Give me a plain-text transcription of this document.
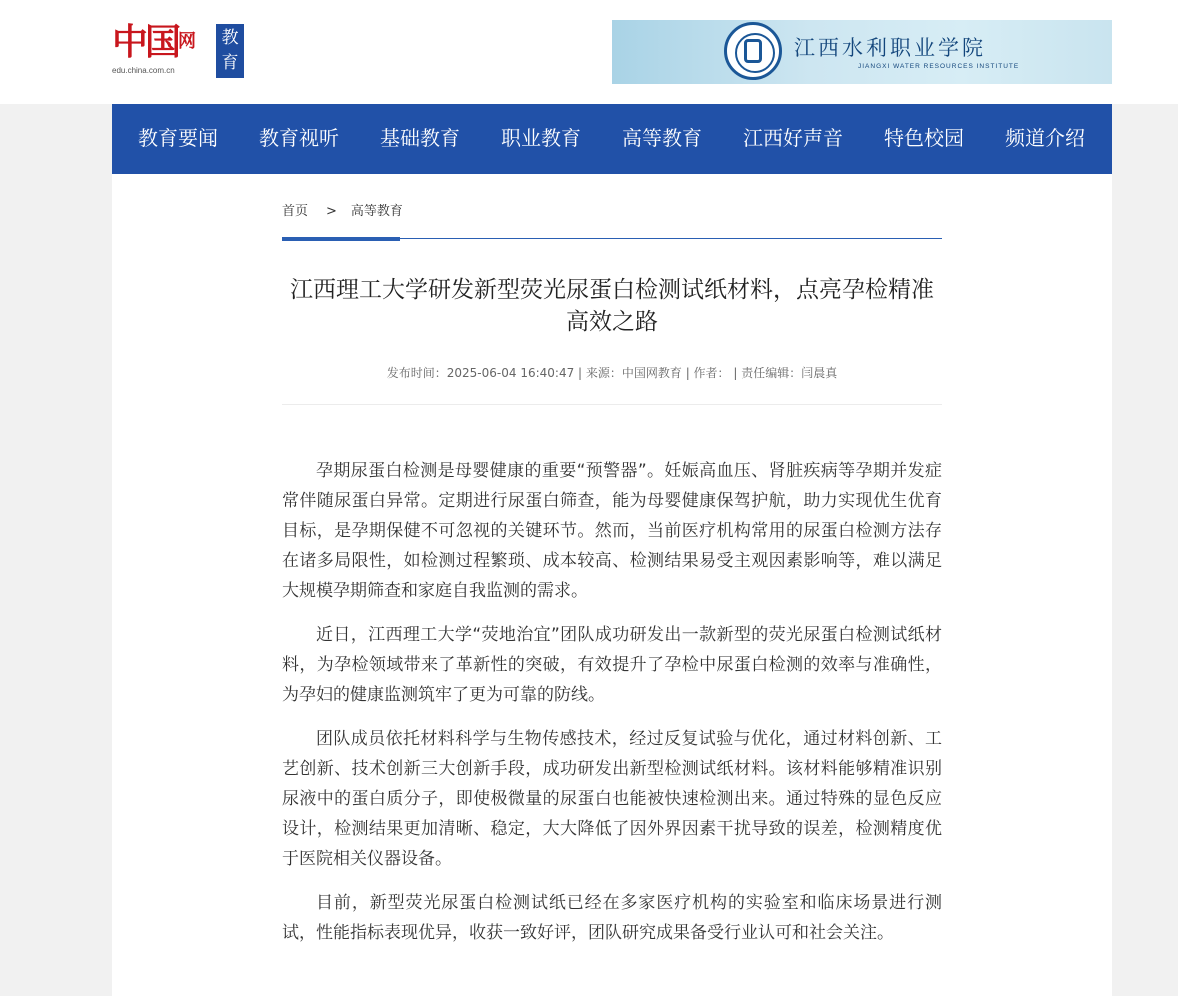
中国$^网$
edu.china.com.cn
教育
江西水利职业学院
JIANGXI WATER RESOURCES INSTITUTE
教育要闻 教育视听 基础教育 职业教育 高等教育 江西好声音 特色校园 频道介绍
首页 > 高等教育
江西理工大学研发新型荧光尿蛋白检测试纸材料，点亮孕检精准高效之路
发布时间：2025-06-04 16:40:47 | 来源：中国网教育 | 作者： | 责任编辑：闫晨真

孕期尿蛋白检测是母婴健康的重要“预警器”。妊娠高血压、肾脏疾病等孕期并发症常伴随尿蛋白异常。定期进行尿蛋白筛查，能为母婴健康保驾护航，助力实现优生优育目标，是孕期保健不可忽视的关键环节。然而，当前医疗机构常用的尿蛋白检测方法存在诸多局限性，如检测过程繁琐、成本较高、检测结果易受主观因素影响等，难以满足大规模孕期筛查和家庭自我监测的需求。

近日，江西理工大学“荧地治宜”团队成功研发出一款新型的荧光尿蛋白检测试纸材料，为孕检领域带来了革新性的突破，有效提升了孕检中尿蛋白检测的效率与准确性，为孕妇的健康监测筑牢了更为可靠的防线。

团队成员依托材料科学与生物传感技术，经过反复试验与优化，通过材料创新、工艺创新、技术创新三大创新手段，成功研发出新型检测试纸材料。该材料能够精准识别尿液中的蛋白质分子，即使极微量的尿蛋白也能被快速检测出来。通过特殊的显色反应设计，检测结果更加清晰、稳定，大大降低了因外界因素干扰导致的误差，检测精度优于医院相关仪器设备。

目前，新型荧光尿蛋白检测试纸已经在多家医疗机构的实验室和临床场景进行测试，性能指标表现优异，收获一致好评，团队研究成果备受行业认可和社会关注。
